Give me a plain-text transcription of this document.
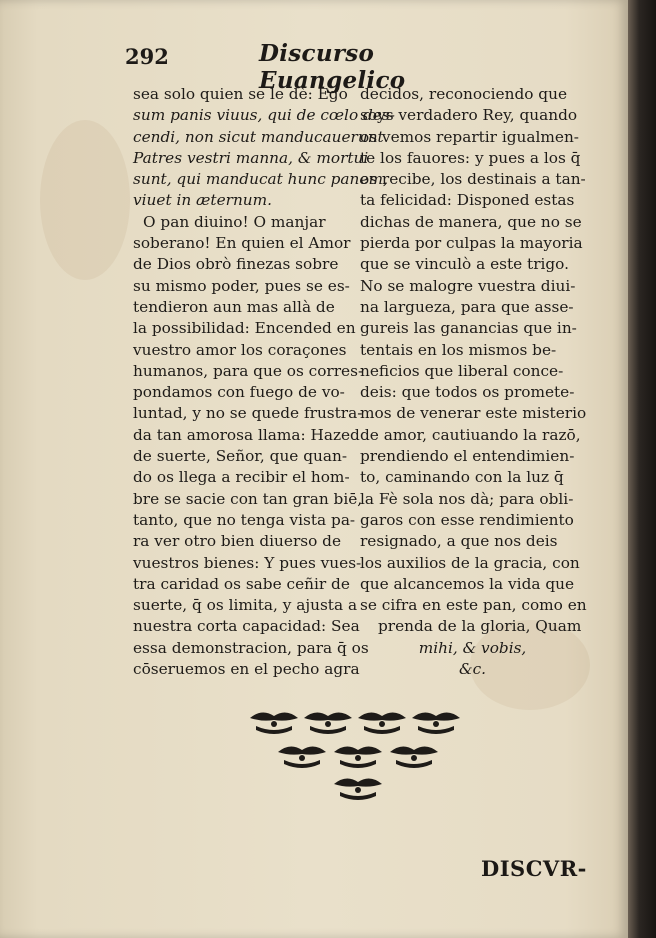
292	Discurso Euangelico
sea solo quien se le dè: Ego
sum panis viuus, qui de cœlo des-
cendi, non sicut manducauerunt
Patres vestri manna, & mortui
sunt, qui manducat hunc panem,
viuet in æternum.
O pan diuino! O manjar
soberano! En quien el Amor
de Dios obrò finezas sobre
su mismo poder, pues se es-
tendieron aun mas allà de
la possibilidad: Encended en
vuestro amor los coraçones
humanos, para que os corres-
pondamos con fuego de vo-
luntad, y no se quede frustra-
da tan amorosa llama: Hazed
de suerte, Señor, que quan-
do os llega a recibir el hom-
bre se sacie con tan gran biē,
tanto, que no tenga vista pa-
ra ver otro bien diuerso de
vuestros bienes: Y pues vues-
tra caridad os sabe ceñir de
suerte, q̄ os limita, y ajusta a
nuestra corta capacidad: Sea
essa demonstracion, para q̄ os
cōseruemos en el pecho agra
decidos, reconociendo que
soys verdadero Rey, quando
os vemos repartir igualmen-
te los fauores: y pues a los q̄
os recibe, los destinais a tan-
ta felicidad: Disponed estas
dichas de manera, que no se
pierda por culpas la mayoria
que se vinculò a este trigo.
No se malogre vuestra diui-
na largueza, para que asse-
gureis las ganancias que in-
tentais en los mismos be-
neficios que liberal conce-
deis: que todos os promete-
mos de venerar este misterio
de amor, cautiuando la razō,
prendiendo el entendimien-
to, caminando con la luz q̄
la Fè sola nos dà; para obli-
garos con esse rendimiento
resignado, a que nos deis
los auxilios de la gracia, con
que alcancemos la vida que
se cifra en este pan, como en
prenda de la gloria, Quam
mihi, & vobis,
&c.
DISCVR-
